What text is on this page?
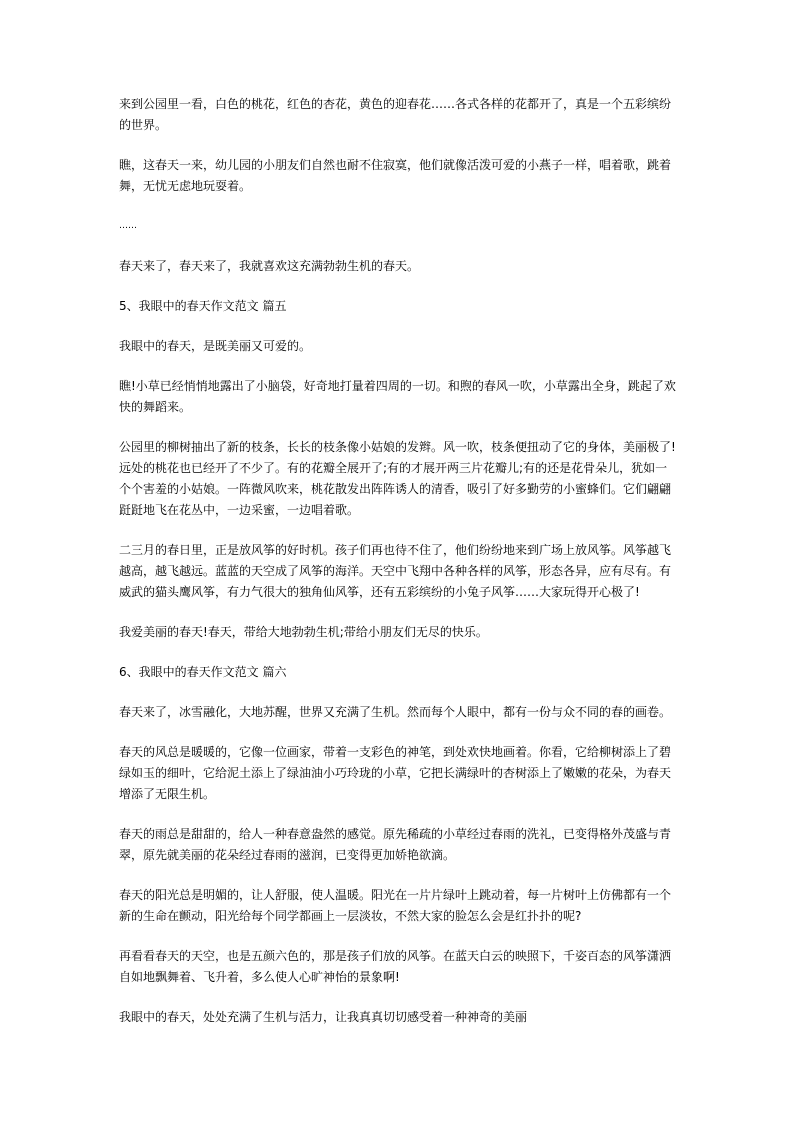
来到公园里一看，白色的桃花，红色的杏花，黄色的迎春花……各式各样的花都开了，真是一个五彩缤纷的世界。

瞧，这春天一来，幼儿园的小朋友们自然也耐不住寂寞，他们就像活泼可爱的小燕子一样，唱着歌，跳着舞，无忧无虑地玩耍着。

……

春天来了，春天来了，我就喜欢这充满勃勃生机的春天。

5、我眼中的春天作文范文 篇五

我眼中的春天，是既美丽又可爱的。

瞧!小草已经悄悄地露出了小脑袋，好奇地打量着四周的一切。和煦的春风一吹，小草露出全身，跳起了欢快的舞蹈来。

公园里的柳树抽出了新的枝条，长长的枝条像小姑娘的发辫。风一吹，枝条便扭动了它的身体，美丽极了!远处的桃花也已经开了不少了。有的花瓣全展开了;有的才展开两三片花瓣儿;有的还是花骨朵儿，犹如一个个害羞的小姑娘。一阵微风吹来，桃花散发出阵阵诱人的清香，吸引了好多勤劳的小蜜蜂们。它们翩翩跹跹地飞在花丛中，一边采蜜，一边唱着歌。

二三月的春日里，正是放风筝的好时机。孩子们再也待不住了，他们纷纷地来到广场上放风筝。风筝越飞越高，越飞越远。蓝蓝的天空成了风筝的海洋。天空中飞翔中各种各样的风筝，形态各异，应有尽有。有威武的猫头鹰风筝，有力气很大的独角仙风筝，还有五彩缤纷的小兔子风筝……大家玩得开心极了!

我爱美丽的春天!春天，带给大地勃勃生机;带给小朋友们无尽的快乐。

6、我眼中的春天作文范文 篇六

春天来了，冰雪融化，大地苏醒，世界又充满了生机。然而每个人眼中，都有一份与众不同的春的画卷。

春天的风总是暖暖的，它像一位画家，带着一支彩色的神笔，到处欢快地画着。你看，它给柳树添上了碧绿如玉的细叶，它给泥土添上了绿油油小巧玲珑的小草，它把长满绿叶的杏树添上了嫩嫩的花朵，为春天增添了无限生机。

春天的雨总是甜甜的，给人一种春意盎然的感觉。原先稀疏的小草经过春雨的洗礼，已变得格外茂盛与青翠，原先就美丽的花朵经过春雨的滋润，已变得更加娇艳欲滴。

春天的阳光总是明媚的，让人舒服，使人温暖。阳光在一片片绿叶上跳动着，每一片树叶上仿佛都有一个新的生命在颤动，阳光给每个同学都画上一层淡妆，不然大家的脸怎么会是红扑扑的呢?

再看看春天的天空，也是五颜六色的，那是孩子们放的风筝。在蓝天白云的映照下，千姿百态的风筝潇洒自如地飘舞着、飞升着，多么使人心旷神怡的景象啊!

我眼中的春天，处处充满了生机与活力，让我真真切切感受着一种神奇的美丽
